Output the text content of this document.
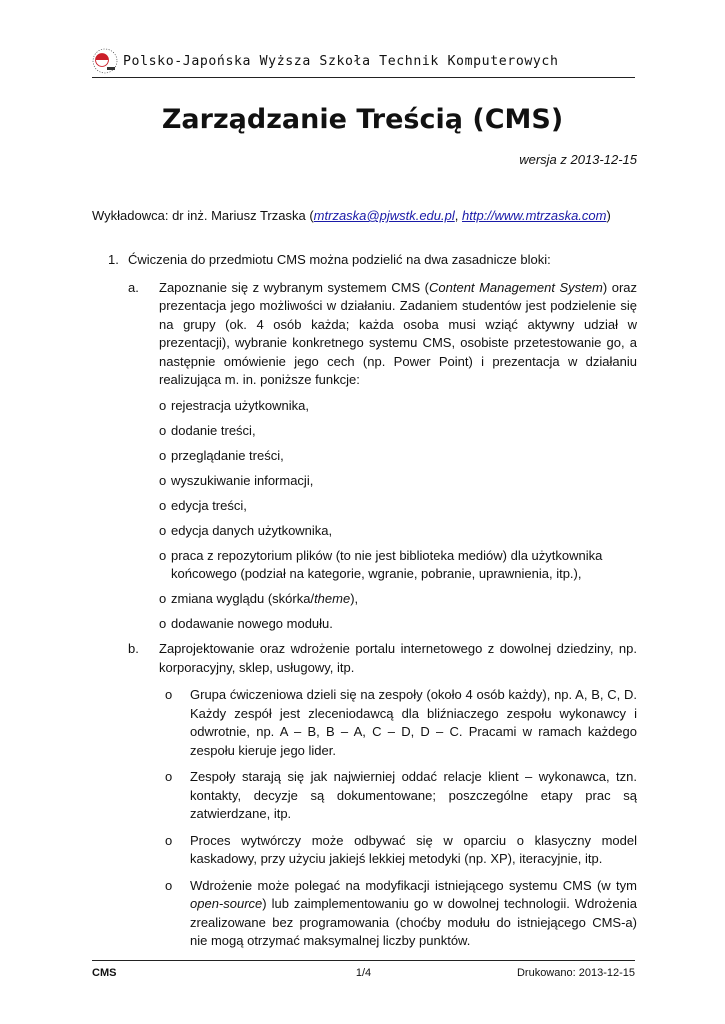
Polsko-Japońska Wyższa Szkoła Technik Komputerowych
Zarządzanie Treścią (CMS)
wersja z 2013-12-15
Wykładowca: dr inż. Mariusz Trzaska (mtrzaska@pjwstk.edu.pl, http://www.mtrzaska.com)
1. Ćwiczenia do przedmiotu CMS można podzielić na dwa zasadnicze bloki:
a. Zapoznanie się z wybranym systemem CMS (Content Management System) oraz prezentacja jego możliwości w działaniu. Zadaniem studentów jest podzielenie się na grupy (ok. 4 osób każda; każda osoba musi wziąć aktywny udział w prezentacji), wybranie konkretnego systemu CMS, osobiste przetestowanie go, a następnie omówienie jego cech (np. Power Point) i prezentacja w działaniu realizująca m. in. poniższe funkcje:
o rejestracja użytkownika,
o dodanie treści,
o przeglądanie treści,
o wyszukiwanie informacji,
o edycja treści,
o edycja danych użytkownika,
o praca z repozytorium plików (to nie jest biblioteka mediów) dla użytkownika końcowego (podział na kategorie, wgranie, pobranie, uprawnienia, itp.),
o zmiana wyglądu (skórka/theme),
o dodawanie nowego modułu.
b. Zaprojektowanie oraz wdrożenie portalu internetowego z dowolnej dziedziny, np. korporacyjny, sklep, usługowy, itp.
o Grupa ćwiczeniowa dzieli się na zespoły (około 4 osób każdy), np. A, B, C, D. Każdy zespół jest zleceniodawcą dla bliźniaczego zespołu wykonawcy i odwrotnie, np. A – B, B – A, C – D, D – C. Pracami w ramach każdego zespołu kieruje jego lider.
o Zespoły starają się jak najwierniej oddać relacje klient – wykonawca, tzn. kontakty, decyzje są dokumentowane; poszczególne etapy prac są zatwierdzane, itp.
o Proces wytwórczy może odbywać się w oparciu o klasyczny model kaskadowy, przy użyciu jakiejś lekkiej metodyki (np. XP), iteracyjnie, itp.
o Wdrożenie może polegać na modyfikacji istniejącego systemu CMS (w tym open-source) lub zaimplementowaniu go w dowolnej technologii. Wdrożenia zrealizowane bez programowania (choćby modułu do istniejącego CMS-a) nie mogą otrzymać maksymalnej liczby punktów.
CMS	1/4	Drukowano: 2013-12-15
